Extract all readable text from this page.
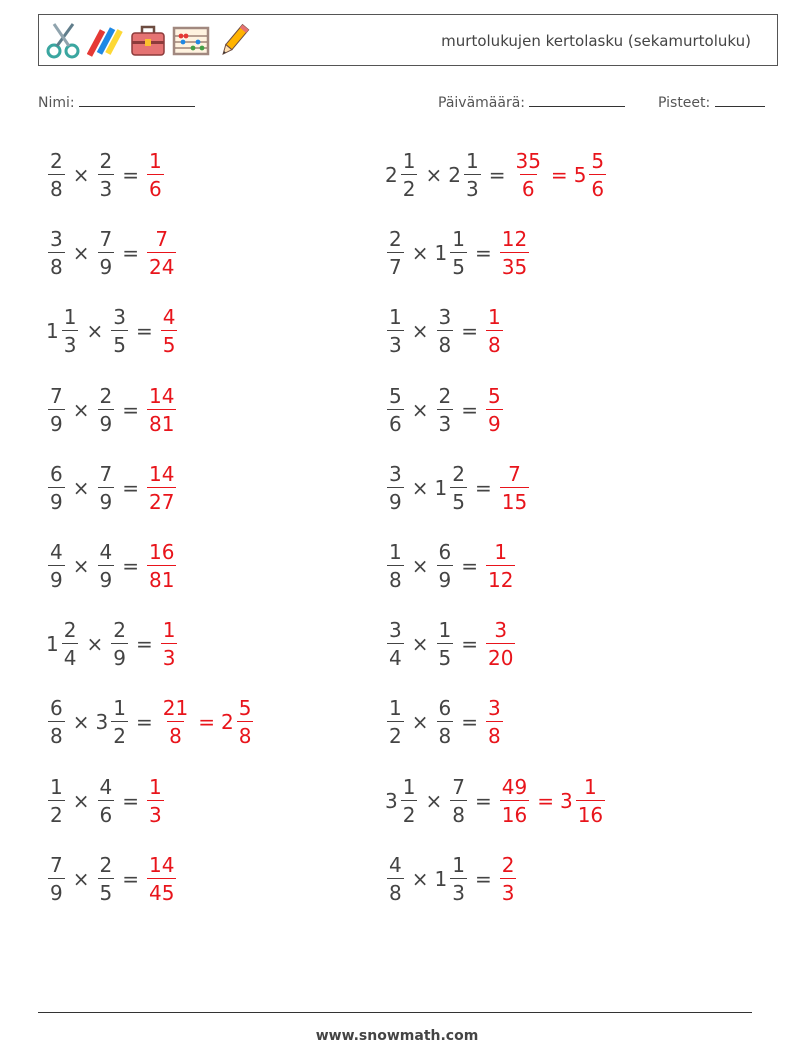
murtolukujen kertolasku (sekamurtoluku)
Nimi:	Päivämäärä:	Pisteet:
$\frac{2}{8} \times \frac{2}{3} = \frac{1}{6}$	$2 \frac{1}{2} \times 2 \frac{1}{3} = \frac{35}{6} = 5 \frac{5}{6}$
$\frac{3}{8} \times \frac{7}{9} = \frac{7}{24}$	$\frac{2}{7} \times 1 \frac{1}{5} = \frac{12}{35}$
$1 \frac{1}{3} \times \frac{3}{5} = \frac{4}{5}$	$\frac{1}{3} \times \frac{3}{8} = \frac{1}{8}$
$\frac{7}{9} \times \frac{2}{9} = \frac{14}{81}$	$\frac{5}{6} \times \frac{2}{3} = \frac{5}{9}$
$\frac{6}{9} \times \frac{7}{9} = \frac{14}{27}$	$\frac{3}{9} \times 1 \frac{2}{5} = \frac{7}{15}$
$\frac{4}{9} \times \frac{4}{9} = \frac{16}{81}$	$\frac{1}{8} \times \frac{6}{9} = \frac{1}{12}$
$1 \frac{2}{4} \times \frac{2}{9} = \frac{1}{3}$	$\frac{3}{4} \times \frac{1}{5} = \frac{3}{20}$
$\frac{6}{8} \times 3 \frac{1}{2} = \frac{21}{8} = 2 \frac{5}{8}$	$\frac{1}{2} \times \frac{6}{8} = \frac{3}{8}$
$\frac{1}{2} \times \frac{4}{6} = \frac{1}{3}$	$3 \frac{1}{2} \times \frac{7}{8} = \frac{49}{16} = 3 \frac{1}{16}$
$\frac{7}{9} \times \frac{2}{5} = \frac{14}{45}$	$\frac{4}{8} \times 1 \frac{1}{3} = \frac{2}{3}$
www.snowmath.com
